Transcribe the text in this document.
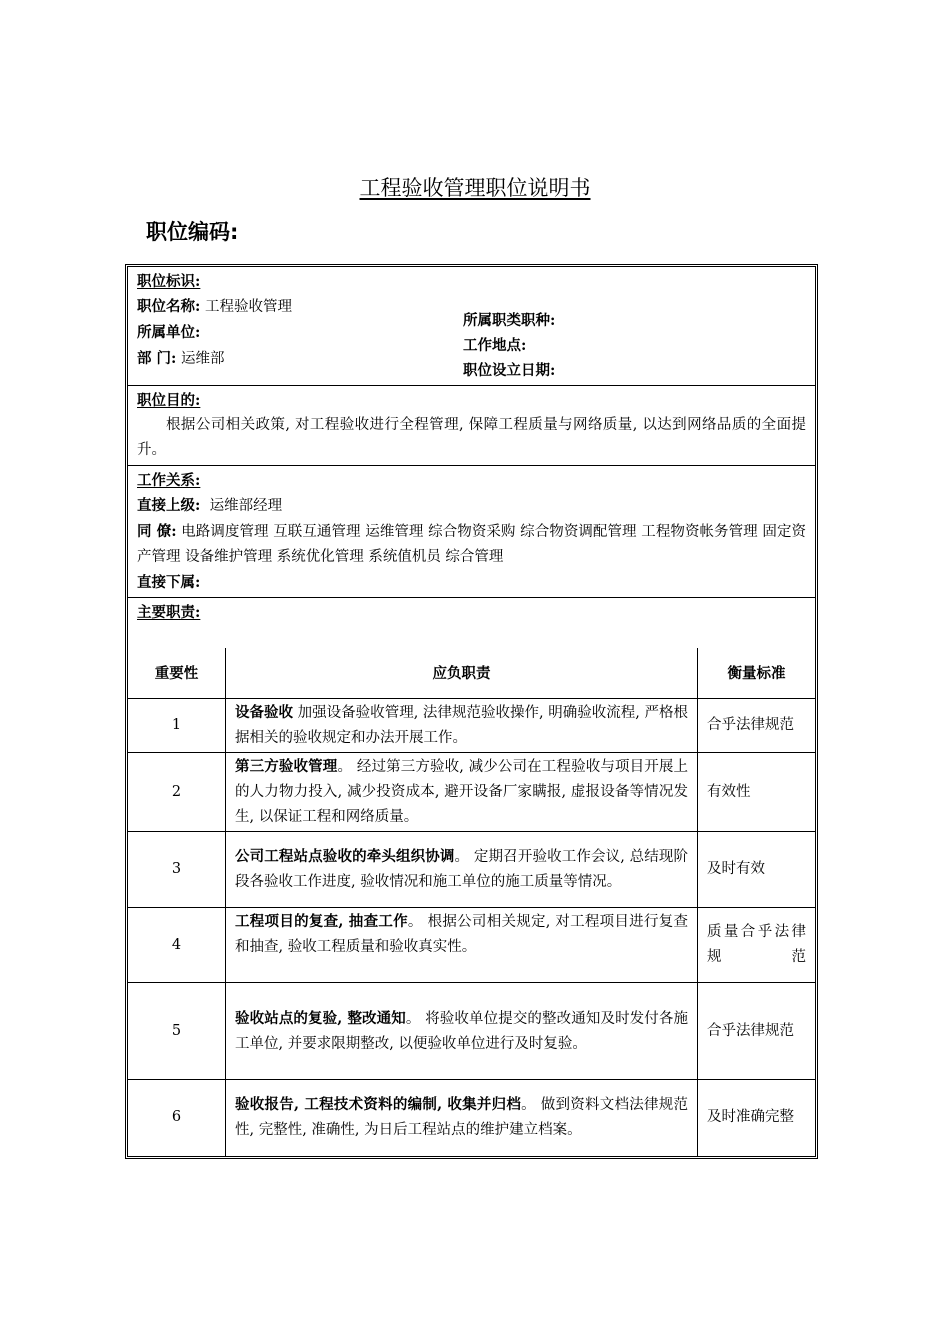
工程验收管理职位说明书
职位编码:
职位标识:
职位名称: 工程验收管理
所属单位:
部 门: 运维部
所属职类职种:
工作地点:
职位设立日期:
职位目的:
根据公司相关政策, 对工程验收进行全程管理, 保障工程质量与网络质量, 以达到网络品质的全面提升。
工作关系:
直接上级: 运维部经理
同 僚: 电路调度管理 互联互通管理 运维管理 综合物资采购 综合物资调配管理 工程物资帐务管理 固定资产管理 设备维护管理 系统优化管理 系统值机员 综合管理
直接下属:
主要职责:
重要性	应负职责	衡量标准
1	设备验收 加强设备验收管理, 法律规范验收操作, 明确验收流程, 严格根据相关的验收规定和办法开展工作。	合乎法律规范
2	第三方验收管理。 经过第三方验收, 减少公司在工程验收与项目开展上的人力物力投入, 减少投资成本, 避开设备厂家瞒报, 虚报设备等情况发生, 以保证工程和网络质量。	有效性
3	公司工程站点验收的牵头组织协调。 定期召开验收工作会议, 总结现阶段各验收工作进度, 验收情况和施工单位的施工质量等情况。	及时有效
4	工程项目的复查, 抽查工作。 根据公司相关规定, 对工程项目进行复查和抽查, 验收工程质量和验收真实性。	质量合乎法律规范
5	验收站点的复验, 整改通知。 将验收单位提交的整改通知及时发付各施工单位, 并要求限期整改, 以便验收单位进行及时复验。	合乎法律规范
6	验收报告, 工程技术资料的编制, 收集并归档。 做到资料文档法律规范性, 完整性, 准确性, 为日后工程站点的维护建立档案。	及时准确完整
